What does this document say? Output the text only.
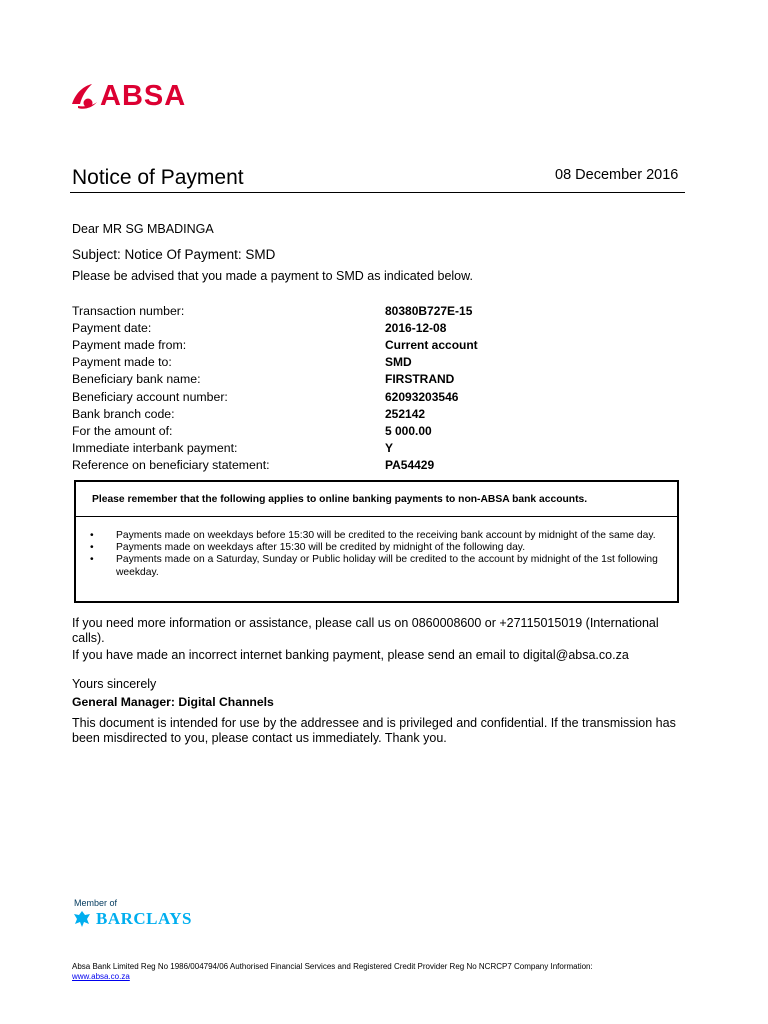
ABSA
Notice of Payment	08 December 2016
Dear MR SG MBADINGA
Subject: Notice Of Payment: SMD
Please be advised that you made a payment to SMD as indicated below.
Transaction number:	80380B727E-15
Payment date:	2016-12-08
Payment made from:	Current account
Payment made to:	SMD
Beneficiary bank name:	FIRSTRAND
Beneficiary account number:	62093203546
Bank branch code:	252142
For the amount of:	5 000.00
Immediate interbank payment:	Y
Reference on beneficiary statement:	PA54429
Please remember that the following applies to online banking payments to non-ABSA bank accounts.
•	Payments made on weekdays before 15:30 will be credited to the receiving bank account by midnight of the same day.
•	Payments made on weekdays after 15:30 will be credited by midnight of the following day.
•	Payments made on a Saturday, Sunday or Public holiday will be credited to the account by midnight of the 1st following weekday.
If you need more information or assistance, please call us on 0860008600 or +27115015019 (International calls).
If you have made an incorrect internet banking payment, please send an email to digital@absa.co.za
Yours sincerely
General Manager: Digital Channels
This document is intended for use by the addressee and is privileged and confidential. If the transmission has been misdirected to you, please contact us immediately. Thank you.
Member of
BARCLAYS
Absa Bank Limited Reg No 1986/004794/06 Authorised Financial Services and Registered Credit Provider Reg No NCRCP7 Company Information:
www.absa.co.za
